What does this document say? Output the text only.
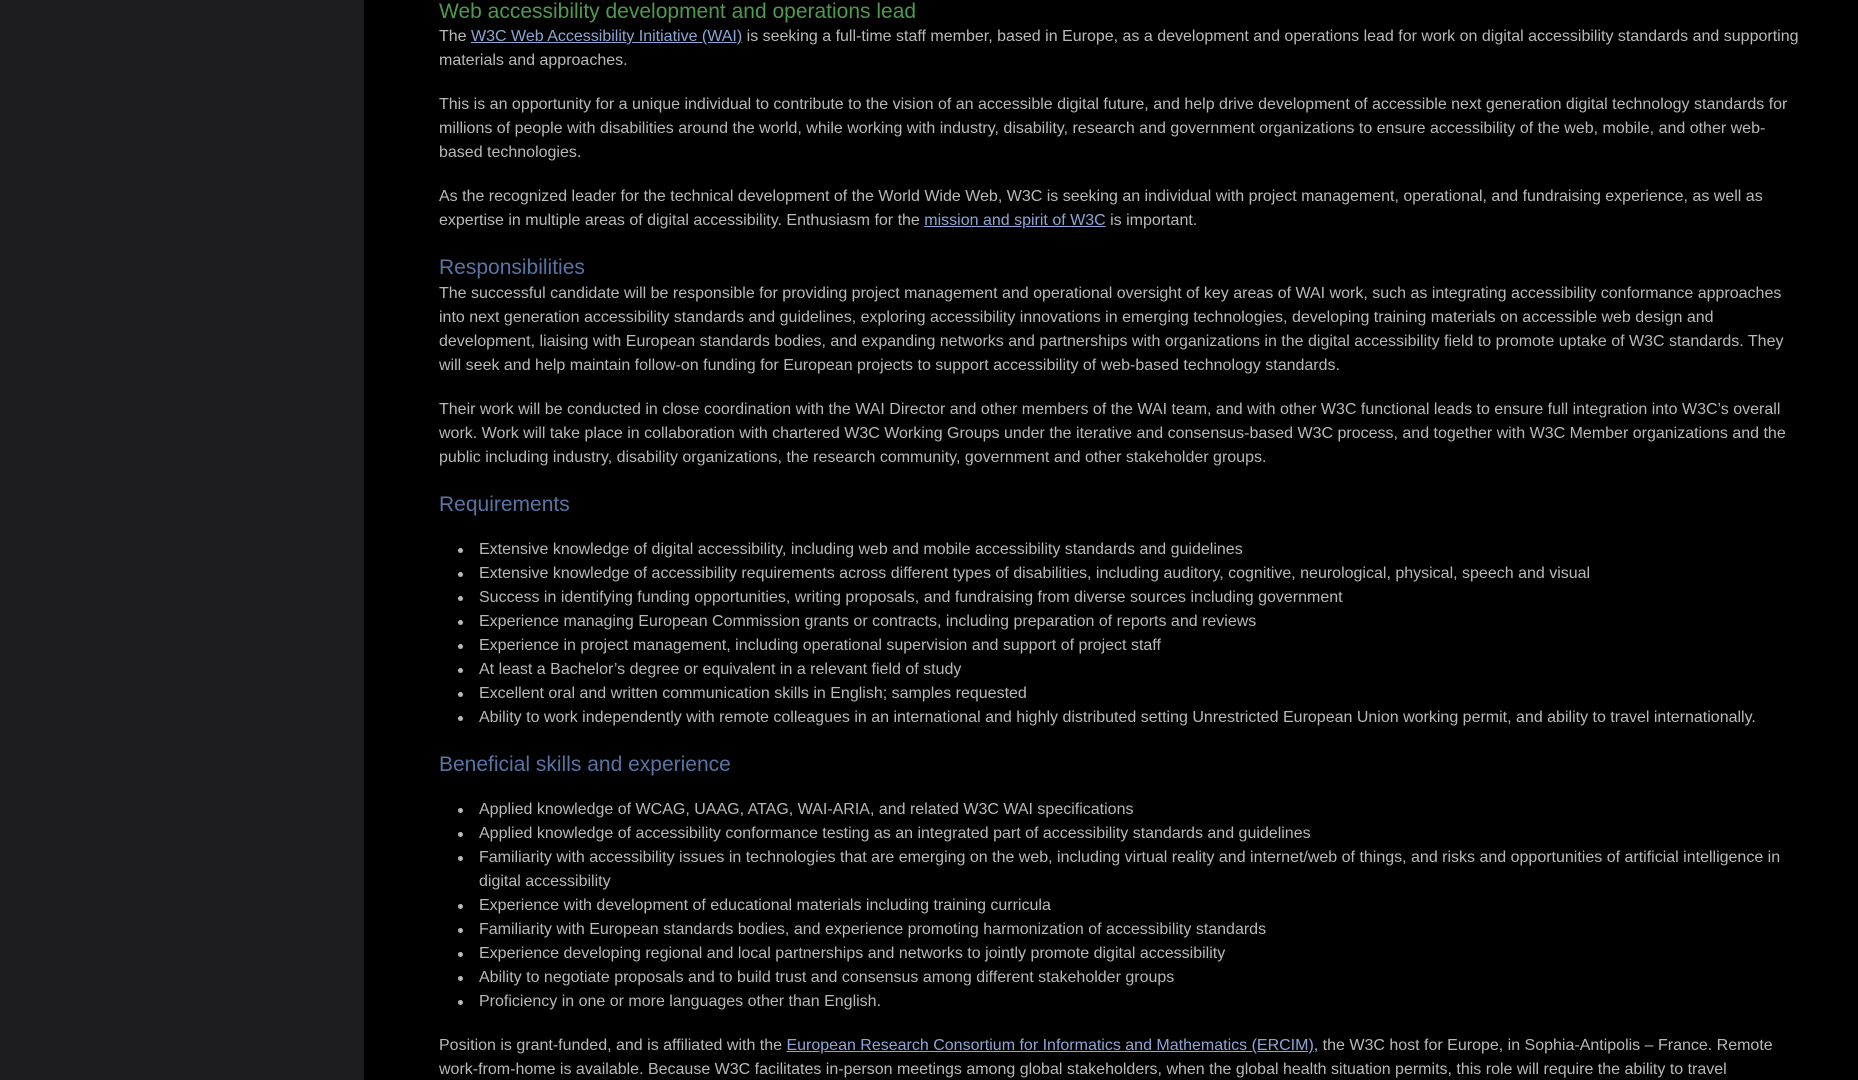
Web accessibility development and operations lead

The W3C Web Accessibility Initiative (WAI) is seeking a full-time staff member, based in Europe, as a development and operations lead for work on digital accessibility standards and supporting materials and approaches.

This is an opportunity for a unique individual to contribute to the vision of an accessible digital future, and help drive development of accessible next generation digital technology standards for millions of people with disabilities around the world, while working with industry, disability, research and government organizations to ensure accessibility of the web, mobile, and other web-based technologies.

As the recognized leader for the technical development of the World Wide Web, W3C is seeking an individual with project management, operational, and fundraising experience, as well as expertise in multiple areas of digital accessibility. Enthusiasm for the mission and spirit of W3C is important.

Responsibilities

The successful candidate will be responsible for providing project management and operational oversight of key areas of WAI work, such as integrating accessibility conformance approaches into next generation accessibility standards and guidelines, exploring accessibility innovations in emerging technologies, developing training materials on accessible web design and development, liaising with European standards bodies, and expanding networks and partnerships with organizations in the digital accessibility field to promote uptake of W3C standards. They will seek and help maintain follow-on funding for European projects to support accessibility of web-based technology standards.

Their work will be conducted in close coordination with the WAI Director and other members of the WAI team, and with other W3C functional leads to ensure full integration into W3C’s overall work. Work will take place in collaboration with chartered W3C Working Groups under the iterative and consensus-based W3C process, and together with W3C Member organizations and the public including industry, disability organizations, the research community, government and other stakeholder groups.

Requirements
Extensive knowledge of digital accessibility, including web and mobile accessibility standards and guidelines
Extensive knowledge of accessibility requirements across different types of disabilities, including auditory, cognitive, neurological, physical, speech and visual
Success in identifying funding opportunities, writing proposals, and fundraising from diverse sources including government
Experience managing European Commission grants or contracts, including preparation of reports and reviews
Experience in project management, including operational supervision and support of project staff
At least a Bachelor’s degree or equivalent in a relevant field of study
Excellent oral and written communication skills in English; samples requested
Ability to work independently with remote colleagues in an international and highly distributed setting Unrestricted European Union working permit, and ability to travel internationally.
Beneficial skills and experience
Applied knowledge of WCAG, UAAG, ATAG, WAI-ARIA, and related W3C WAI specifications
Applied knowledge of accessibility conformance testing as an integrated part of accessibility standards and guidelines
Familiarity with accessibility issues in technologies that are emerging on the web, including virtual reality and internet/web of things, and risks and opportunities of artificial intelligence in digital accessibility
Experience with development of educational materials including training curricula
Familiarity with European standards bodies, and experience promoting harmonization of accessibility standards
Experience developing regional and local partnerships and networks to jointly promote digital accessibility
Ability to negotiate proposals and to build trust and consensus among different stakeholder groups
Proficiency in one or more languages other than English.

Position is grant-funded, and is affiliated with the European Research Consortium for Informatics and Mathematics (ERCIM), the W3C host for Europe, in Sophia-Antipolis – France. Remote work-from-home is available. Because W3C facilitates in-person meetings among global stakeholders, when the global health situation permits, this role will require the ability to travel
